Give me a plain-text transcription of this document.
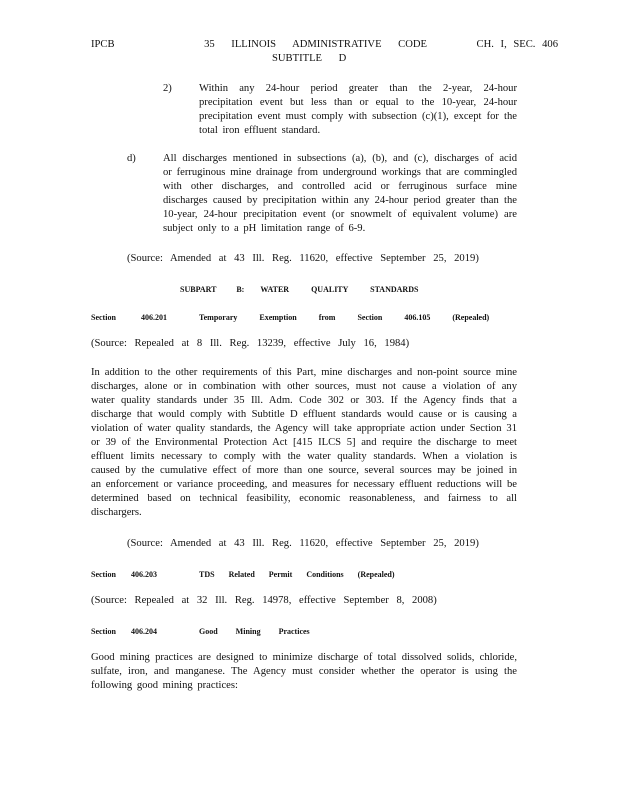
IPCB	35 ILLINOIS ADMINISTRATIVE CODE	CH. I, SEC. 406
SUBTITLE D
2)	Within any 24-hour period greater than the 2-year, 24-hour precipitation event but less than or equal to the 10-year, 24-hour precipitation event must comply with subsection (c)(1), except for the total iron effluent standard.
d)	All discharges mentioned in subsections (a), (b), and (c), discharges of acid or ferruginous mine drainage from underground workings that are commingled with other discharges, and controlled acid or ferruginous surface mine discharges caused by precipitation within any 24-hour period greater than the 10-year, 24-hour precipitation event (or snowmelt of equivalent volume) are subject only to a pH limitation range of 6-9.
(Source: Amended at 43 Ill. Reg. 11620, effective September 25, 2019)
SUBPART B: WATER QUALITY STANDARDS
Section	406.201	Temporary Exemption from Section 406.105 (Repealed)
(Source: Repealed at 8 Ill. Reg. 13239, effective July 16, 1984)
In addition to the other requirements of this Part, mine discharges and non-point source mine discharges, alone or in combination with other sources, must not cause a violation of any water quality standards under 35 Ill. Adm. Code 302 or 303. If the Agency finds that a discharge that would comply with Subtitle D effluent standards would cause or is causing a violation of water quality standards, the Agency will take appropriate action under Section 31 or 39 of the Environmental Protection Act [415 ILCS 5] and require the discharge to meet effluent limits necessary to comply with the water quality standards. When a violation is caused by the cumulative effect of more than one source, several sources may be joined in an enforcement or variance proceeding, and measures for necessary effluent reductions will be determined based on technical feasibility, economic reasonableness, and fairness to all dischargers.
(Source: Amended at 43 Ill. Reg. 11620, effective September 25, 2019)
Section 406.203	TDS Related Permit Conditions (Repealed)
(Source: Repealed at 32 Ill. Reg. 14978, effective September 8, 2008)
Section 406.204	Good Mining Practices
Good mining practices are designed to minimize discharge of total dissolved solids, chloride, sulfate, iron, and manganese. The Agency must consider whether the operator is using the following good mining practices:
